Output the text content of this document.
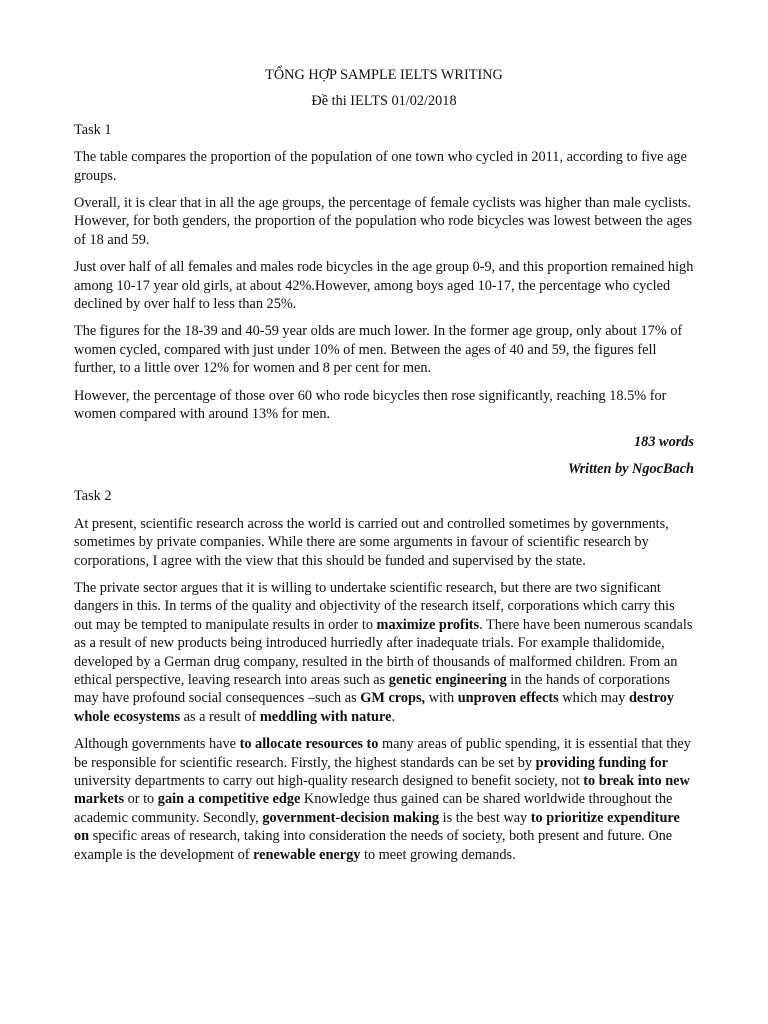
TỔNG HỢP SAMPLE IELTS WRITING
Đề thi IELTS 01/02/2018
Task 1

The table compares the proportion of the population of one town who cycled in 2011, according to five age groups.

Overall, it is clear that in all the age groups, the percentage of female cyclists was higher than male cyclists. However, for both genders, the proportion of the population who rode bicycles was lowest between the ages of 18 and 59.

Just over half of all females and males rode bicycles in the age group 0-9, and this proportion remained high among 10-17 year old girls, at about 42%.However, among boys aged 10-17, the percentage who cycled declined by over half to less than 25%.

The figures for the 18-39 and 40-59 year olds are much lower. In the former age group, only about 17% of women cycled, compared with just under 10% of men. Between the ages of 40 and 59, the figures fell further, to a little over 12% for women and 8 per cent for men.

However, the percentage of those over 60 who rode bicycles then rose significantly, reaching 18.5% for women compared with around 13% for men.

183 words
Written by NgocBach
Task 2

At present, scientific research across the world is carried out and controlled sometimes by governments, sometimes by private companies. While there are some arguments in favour of scientific research by corporations, I agree with the view that this should be funded and supervised by the state.

The private sector argues that it is willing to undertake scientific research, but there are two significant dangers in this. In terms of the quality and objectivity of the research itself, corporations which carry this out may be tempted to manipulate results in order to maximize profits. There have been numerous scandals as a result of new products being introduced hurriedly after inadequate trials. For example thalidomide, developed by a German drug company, resulted in the birth of thousands of malformed children. From an ethical perspective, leaving research into areas such as genetic engineering in the hands of corporations may have profound social consequences –such as GM crops, with unproven effects which may destroy whole ecosystems as a result of meddling with nature.

Although governments have to allocate resources to many areas of public spending, it is essential that they be responsible for scientific research. Firstly, the highest standards can be set by providing funding for university departments to carry out high-quality research designed to benefit society, not to break into new markets or to gain a competitive edge Knowledge thus gained can be shared worldwide throughout the academic community. Secondly, government-decision making is the best way to prioritize expenditure on specific areas of research, taking into consideration the needs of society, both present and future. One example is the development of renewable energy to meet growing demands.
